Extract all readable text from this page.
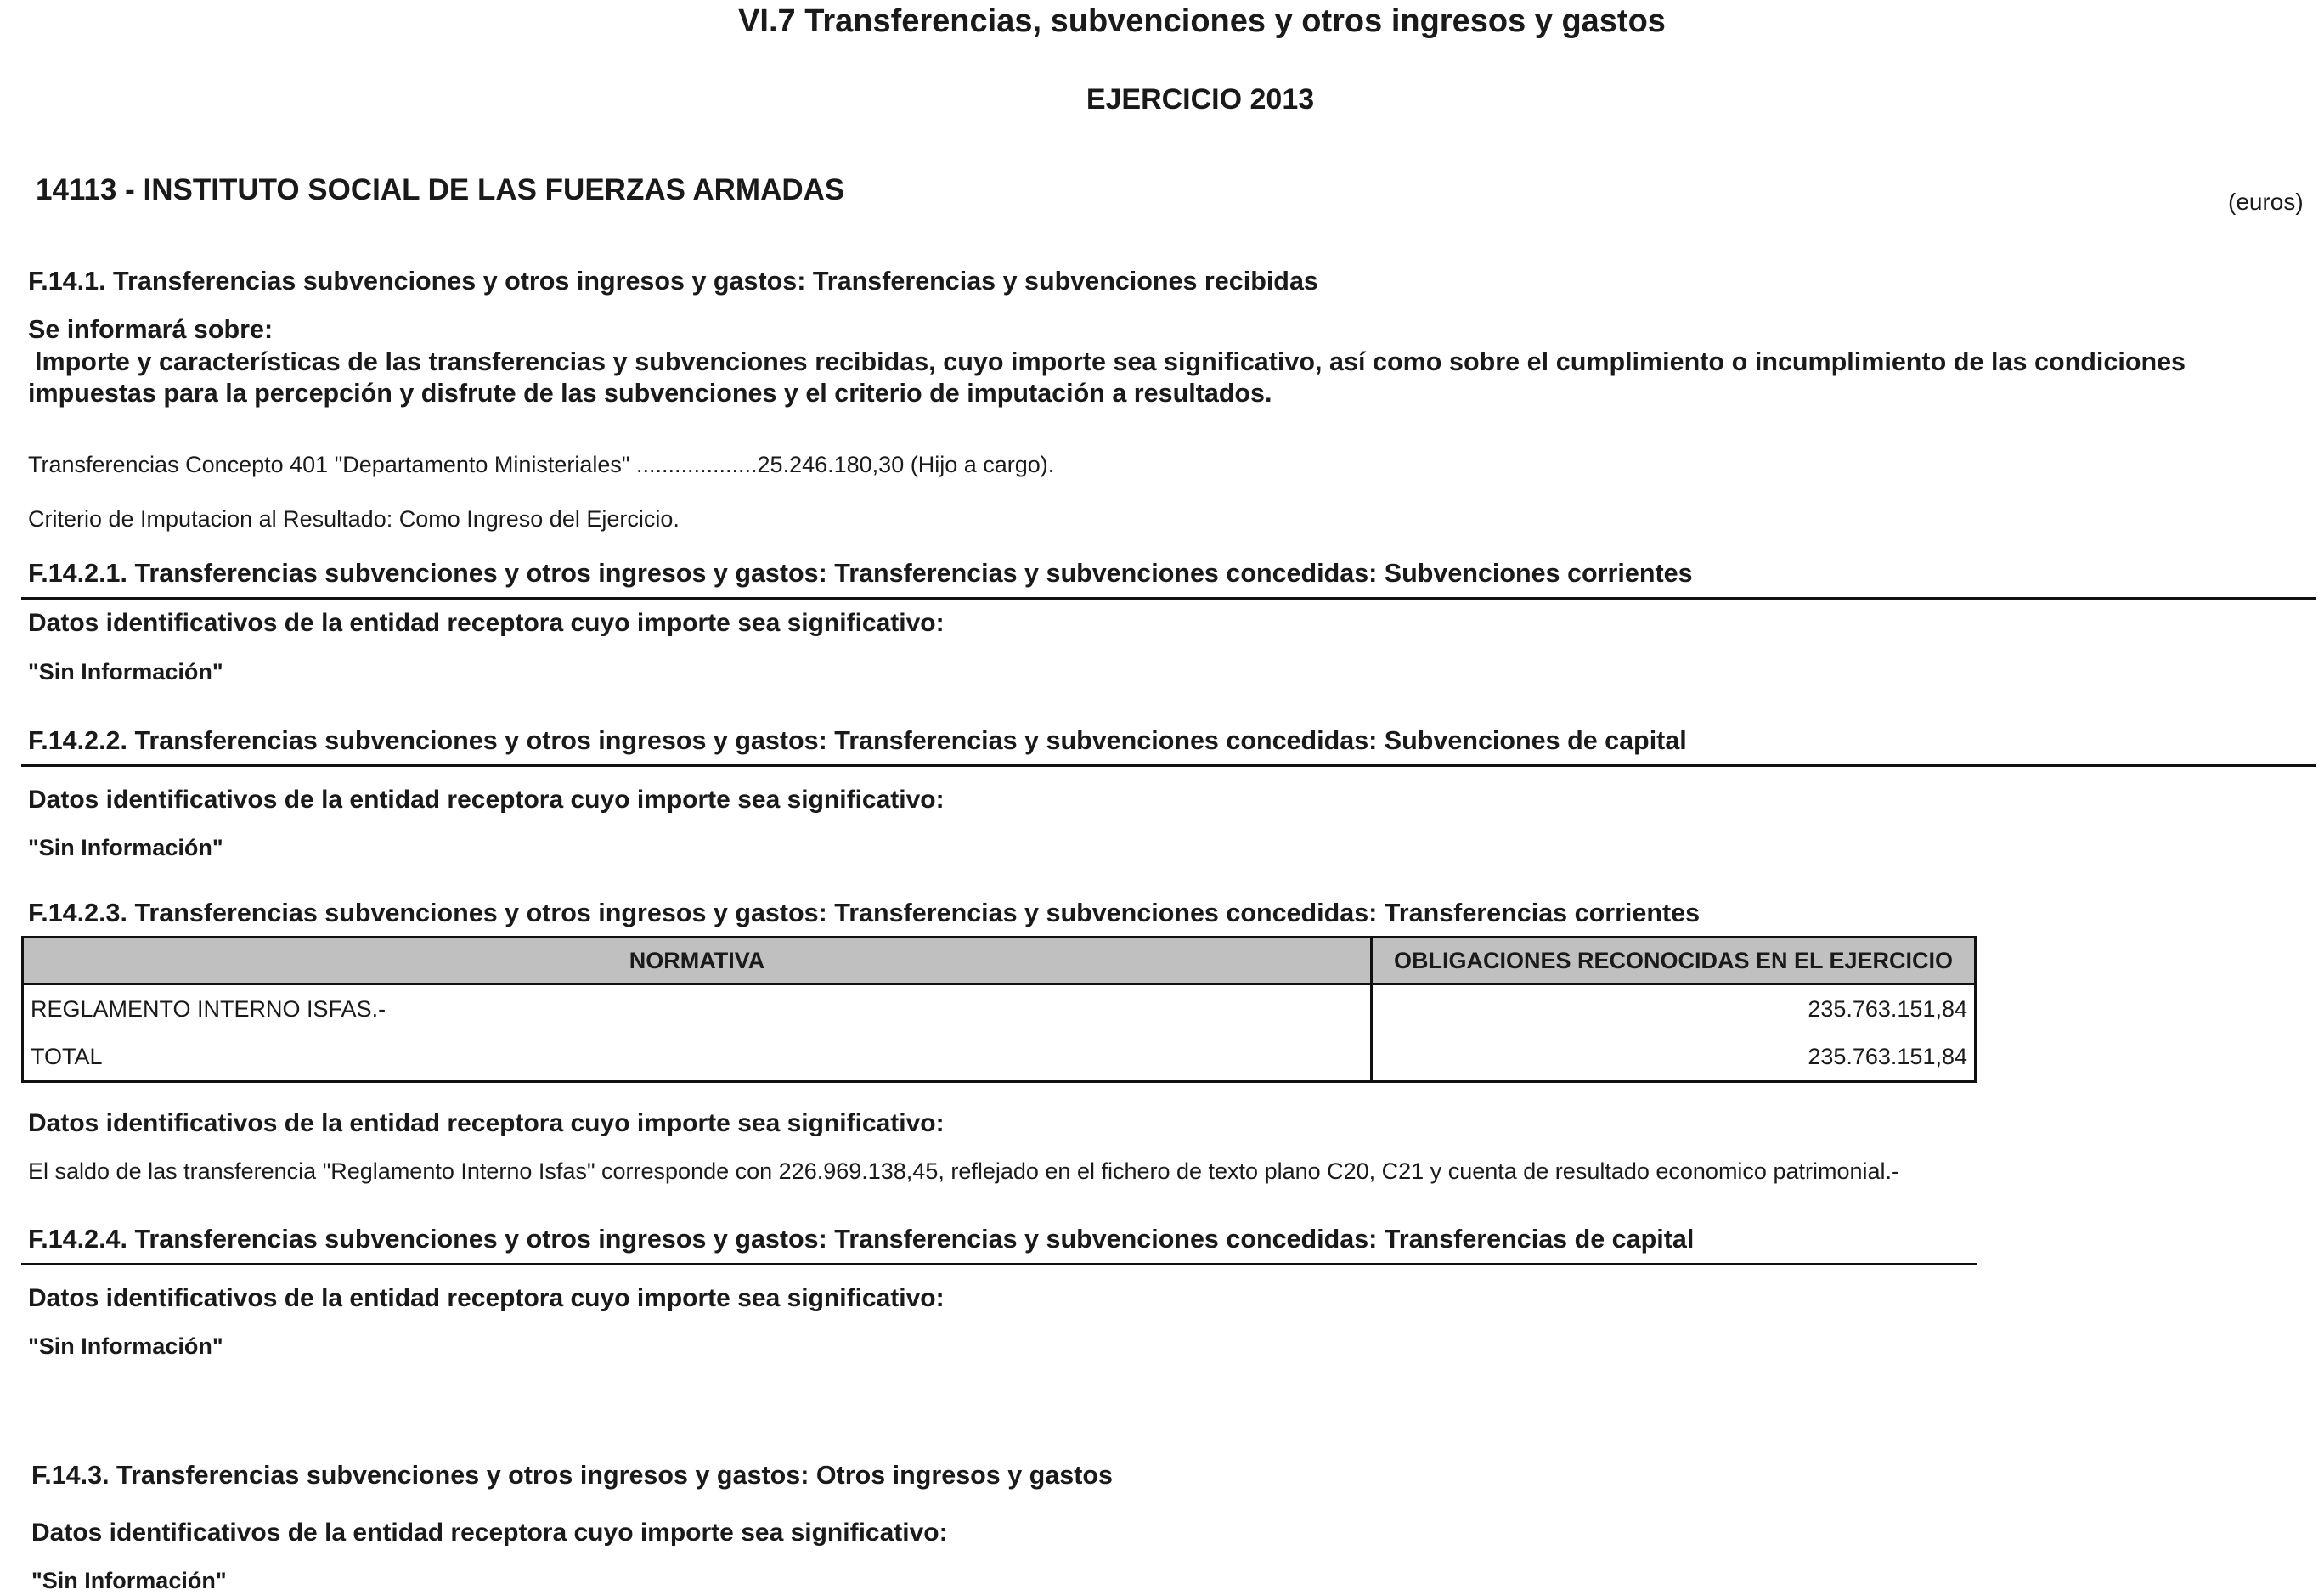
VI.7 Transferencias, subvenciones y otros ingresos y gastos
EJERCICIO 2013
14113 - INSTITUTO SOCIAL DE LAS FUERZAS ARMADAS	(euros)
F.14.1. Transferencias subvenciones y otros ingresos y gastos: Transferencias y subvenciones recibidas
Se informará sobre:
Importe y características de las transferencias y subvenciones recibidas, cuyo importe sea significativo, así como sobre el cumplimiento o incumplimiento de las condiciones impuestas para la percepción y disfrute de las subvenciones y el criterio de imputación a resultados.
Transferencias Concepto 401 "Departamento Ministeriales" ...................25.246.180,30 (Hijo a cargo).
Criterio de Imputacion al Resultado: Como Ingreso del Ejercicio.
F.14.2.1. Transferencias subvenciones y otros ingresos y gastos: Transferencias y subvenciones concedidas: Subvenciones corrientes
Datos identificativos de la entidad receptora cuyo importe sea significativo:
"Sin Información"
F.14.2.2. Transferencias subvenciones y otros ingresos y gastos: Transferencias y subvenciones concedidas: Subvenciones de capital
Datos identificativos de la entidad receptora cuyo importe sea significativo:
"Sin Información"
F.14.2.3. Transferencias subvenciones y otros ingresos y gastos: Transferencias y subvenciones concedidas: Transferencias corrientes
NORMATIVA	OBLIGACIONES RECONOCIDAS EN EL EJERCICIO
REGLAMENTO INTERNO ISFAS.-	235.763.151,84
TOTAL	235.763.151,84
Datos identificativos de la entidad receptora cuyo importe sea significativo:
El saldo de las transferencia "Reglamento Interno Isfas" corresponde con 226.969.138,45, reflejado en el fichero de texto plano C20, C21 y cuenta de resultado economico patrimonial.-
F.14.2.4. Transferencias subvenciones y otros ingresos y gastos: Transferencias y subvenciones concedidas: Transferencias de capital
Datos identificativos de la entidad receptora cuyo importe sea significativo:
"Sin Información"
F.14.3. Transferencias subvenciones y otros ingresos y gastos: Otros ingresos y gastos
Datos identificativos de la entidad receptora cuyo importe sea significativo:
"Sin Información"
